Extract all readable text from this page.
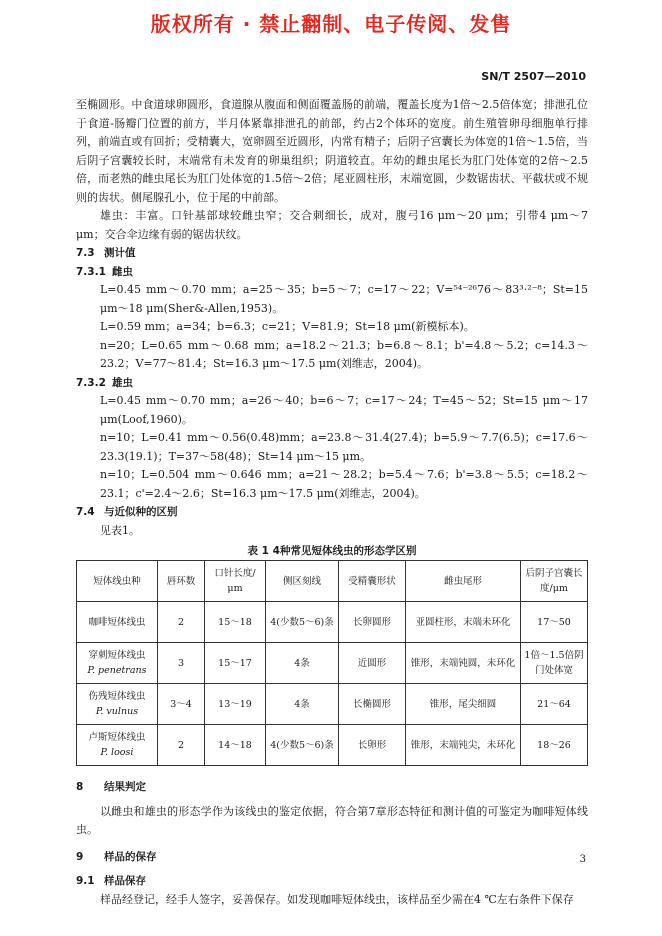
版权所有 · 禁止翻制、电子传阅、发售
SN/T 2507—2010

至椭圆形。中食道球卵圆形，食道腺从腹面和侧面覆盖肠的前端，覆盖长度为1倍～2.5倍体宽；排泄孔位于食道-肠瓣门位置的前方，半月体紧靠排泄孔的前部，约占2个体环的宽度。前生殖管卵母细胞单行排列，前端直或有回折；受精囊大，宽卵圆至近圆形，内常有精子；后阴子宫囊长为体宽的1倍～1.5倍，当后阴子宫囊较长时，末端常有未发育的卵巢组织；阴道较直。年幼的雌虫尾长为肛门处体宽的2倍～2.5倍，而老熟的雌虫尾长为肛门处体宽的1.5倍～2倍；尾亚圆柱形，末端宽圆，少数锯齿状、平截状或不规则的齿状。侧尾腺孔小，位于尾的中前部。

雄虫：丰富。口针基部球较雌虫窄；交合刺细长，成对，腹弓16 μm～20 μm；引带4 μm～7 μm；交合伞边缘有弱的锯齿状纹。

7.3 测计值
7.3.1 雌虫

L=0.45 mm～0.70 mm；a=25～35；b=5～7；c=17～22；V=⁵⁴⁻²⁶76～83³·²⁻⁸；St=15 μm～18 μm(Sher&-Allen,1953)。

L=0.59 mm；a=34；b=6.3；c=21；V=81.9；St=18 μm(新模标本)。

n=20；L=0.65 mm～0.68 mm；a=18.2～21.3；b=6.8～8.1；b'=4.8～5.2；c=14.3～23.2；V=77～81.4；St=16.3 μm～17.5 μm(刘维志，2004)。

7.3.2 雄虫

L=0.45 mm～0.70 mm；a=26～40；b=6～7；c=17～24；T=45～52；St=15 μm～17 μm(Loof,1960)。

n=10；L=0.41 mm～0.56(0.48)mm；a=23.8～31.4(27.4)；b=5.9～7.7(6.5)；c=17.6～23.3(19.1)；T=37～58(48)；St=14 μm～15 μm。

n=10；L=0.504 mm～0.646 mm；a=21～28.2；b=5.4～7.6；b'=3.8～5.5；c=18.2～23.1；c'=2.4～2.6；St=16.3 μm～17.5 μm(刘维志，2004)。

7.4 与近似种的区别

见表1。

表 1 4种常见短体线虫的形态学区别
短体线虫种	唇环数	口针长度/μm	侧区刻线	受精囊形状	雌虫尾形	后阴子宫囊长度/μm

咖啡短体线虫	2	15～18	4(少数5～6)条	长卵圆形	亚圆柱形，末端未环化	17～50

穿刺短体线虫
P. penetrans	3	15～17	4条	近圆形	锥形，末端钝圆，未环化	1倍～1.5倍阴门处体宽

伤残短体线虫
P. vulnus	3～4	13～19	4条	长椭圆形	锥形，尾尖细圆	21～64

卢斯短体线虫
P. loosi	2	14～18	4(少数5～6)条	长卵形	锥形，末端钝尖，未环化	18～26
8 结果判定

以雌虫和雄虫的形态学作为该线虫的鉴定依据，符合第7章形态特征和测计值的可鉴定为咖啡短体线虫。

9 样品的保存
9.1 样品保存

样品经登记，经手人签字，妥善保存。如发现咖啡短体线虫，该样品至少需在4 ℃左右条件下保存

3
